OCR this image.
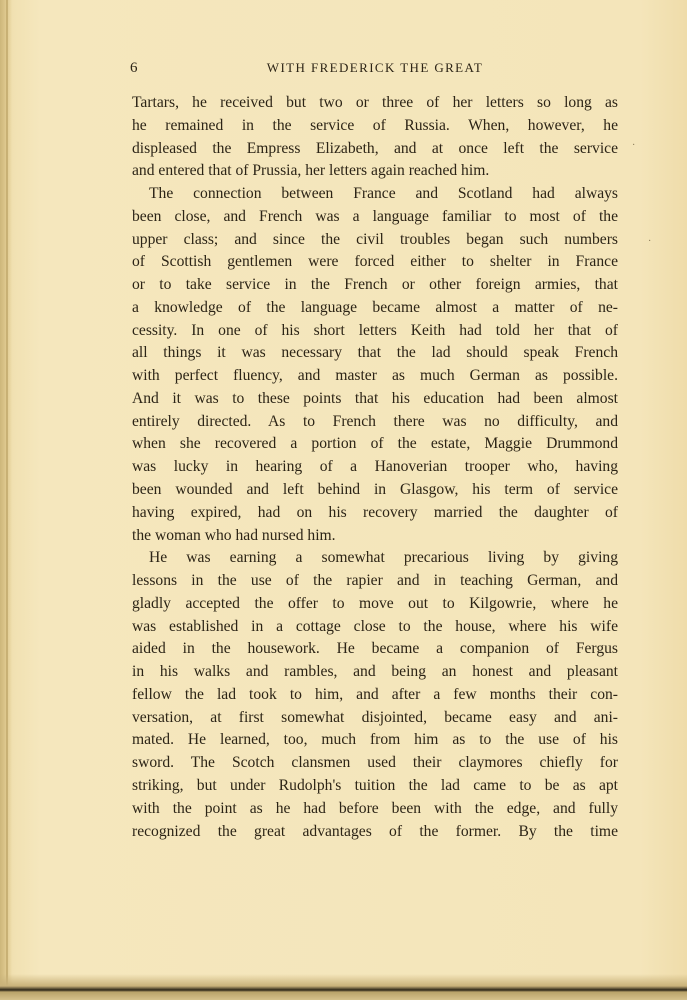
·
·
6	WITH FREDERICK THE GREAT
Tartars, he received but two or three of her letters so long as
he remained in the service of Russia. When, however, he
displeased the Empress Elizabeth, and at once left the service
and entered that of Prussia, her letters again reached him.
The connection between France and Scotland had always
been close, and French was a language familiar to most of the
upper class; and since the civil troubles began such numbers
of Scottish gentlemen were forced either to shelter in France
or to take service in the French or other foreign armies, that
a knowledge of the language became almost a matter of ne-
cessity. In one of his short letters Keith had told her that of
all things it was necessary that the lad should speak French
with perfect fluency, and master as much German as possible.
And it was to these points that his education had been almost
entirely directed. As to French there was no difficulty, and
when she recovered a portion of the estate, Maggie Drummond
was lucky in hearing of a Hanoverian trooper who, having
been wounded and left behind in Glasgow, his term of service
having expired, had on his recovery married the daughter of
the woman who had nursed him.
He was earning a somewhat precarious living by giving
lessons in the use of the rapier and in teaching German, and
gladly accepted the offer to move out to Kilgowrie, where he
was established in a cottage close to the house, where his wife
aided in the housework. He became a companion of Fergus
in his walks and rambles, and being an honest and pleasant
fellow the lad took to him, and after a few months their con-
versation, at first somewhat disjointed, became easy and ani-
mated. He learned, too, much from him as to the use of his
sword. The Scotch clansmen used their claymores chiefly for
striking, but under Rudolph's tuition the lad came to be as apt
with the point as he had before been with the edge, and fully
recognized the great advantages of the former. By the time
